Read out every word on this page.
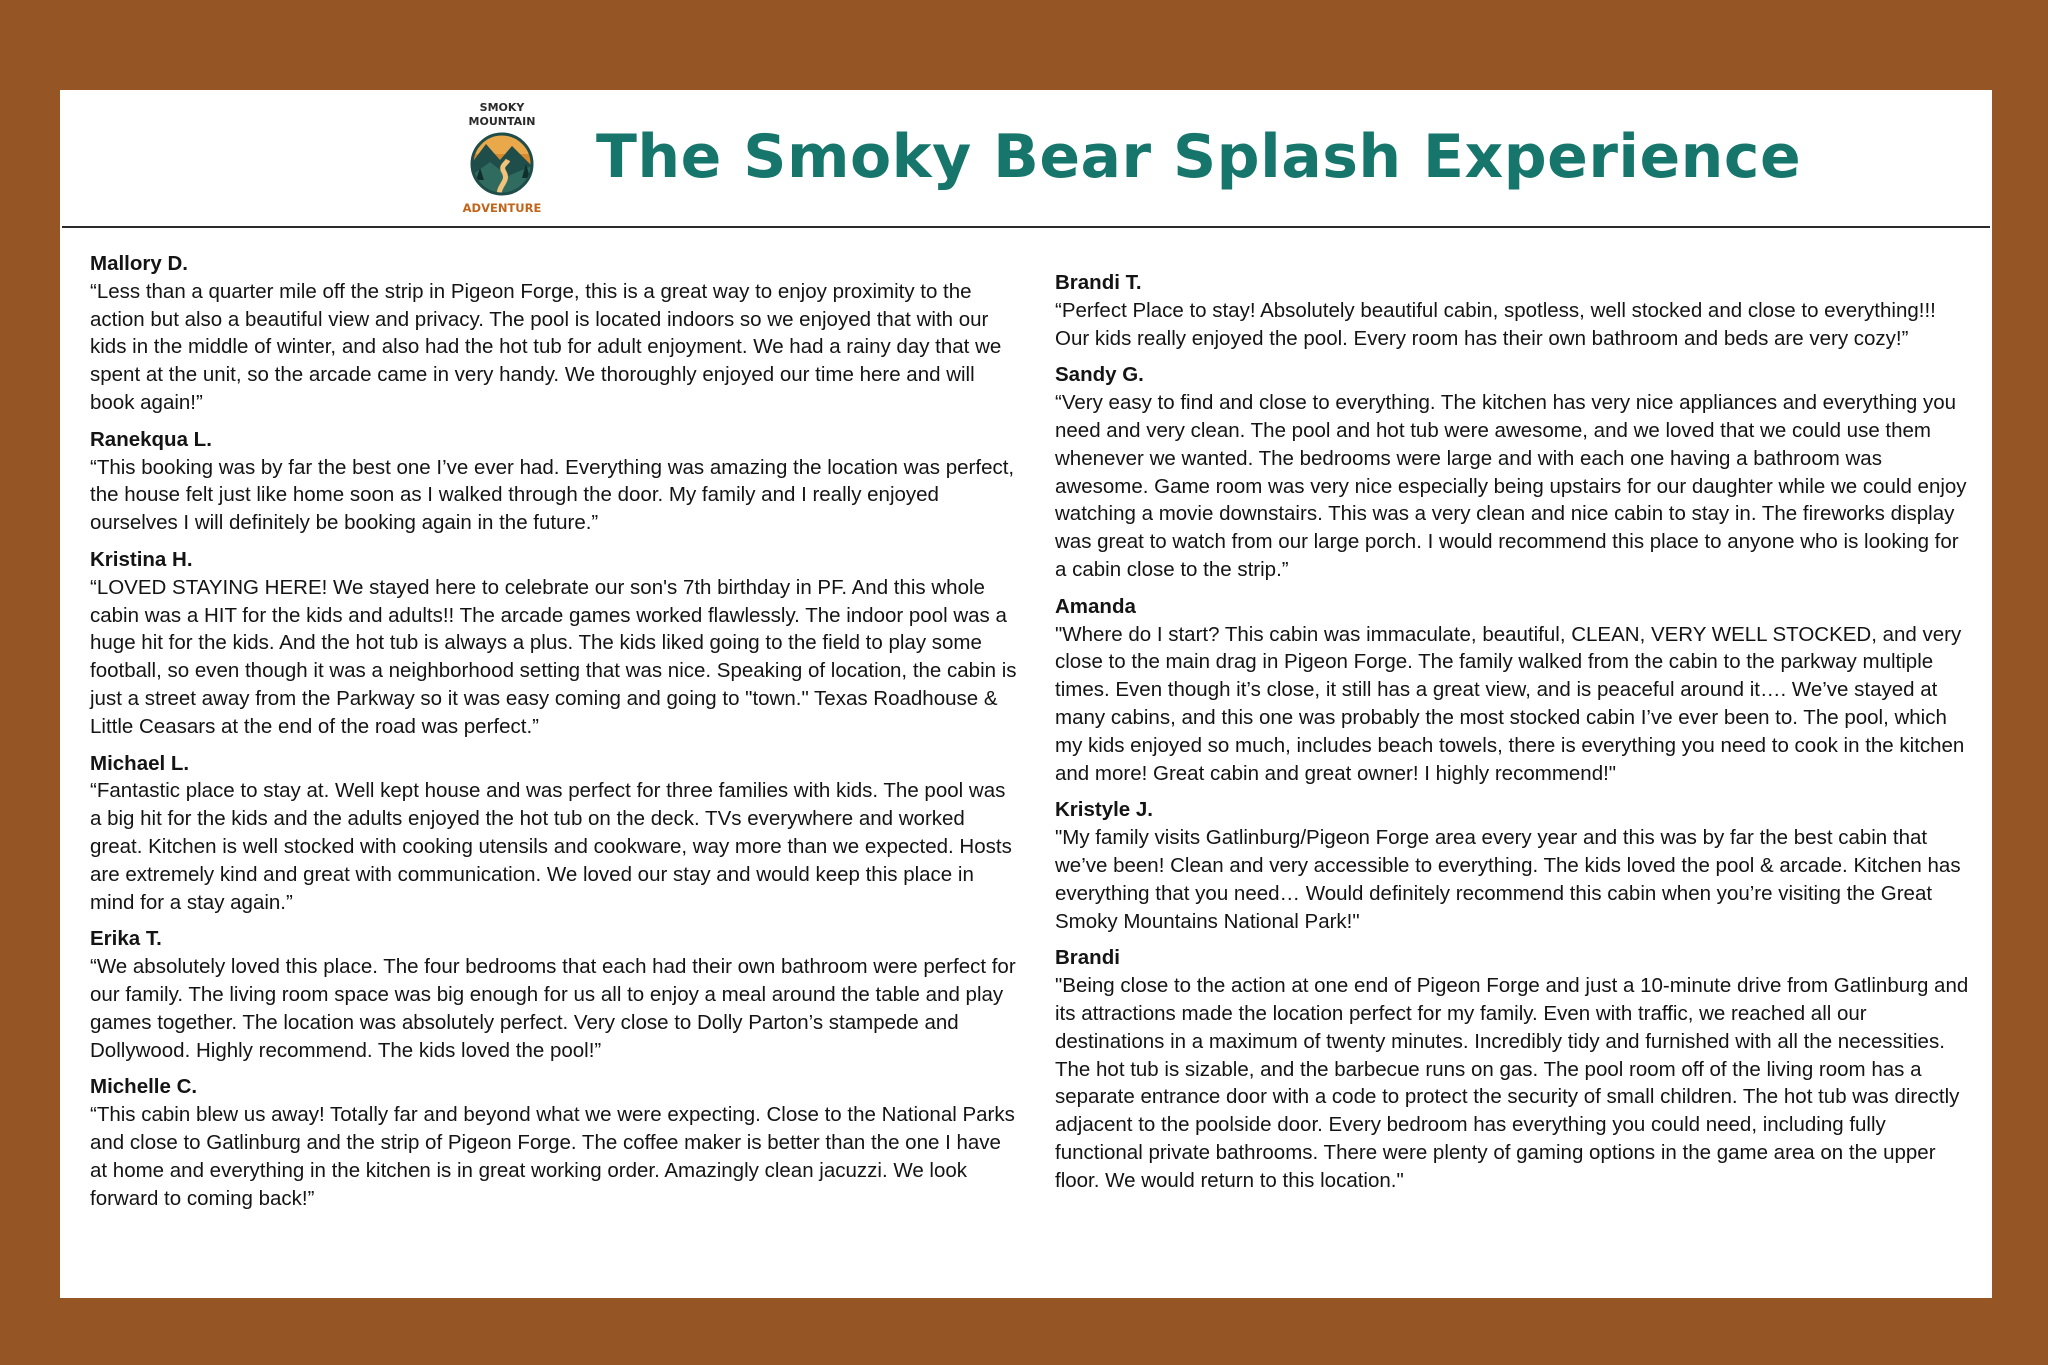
SMOKY
MOUNTAIN
ADVENTURE
The Smoky Bear Splash Experience
Mallory D.
“Less than a quarter mile off the strip in Pigeon Forge, this is a great way to enjoy proximity to the action but also a beautiful view and privacy. The pool is located indoors so we enjoyed that with our kids in the middle of winter, and also had the hot tub for adult enjoyment. We had a rainy day that we spent at the unit, so the arcade came in very handy. We thoroughly enjoyed our time here and will book again!”
Ranekqua L.
“This booking was by far the best one I’ve ever had. Everything was amazing the location was perfect, the house felt just like home soon as I walked through the door. My family and I really enjoyed ourselves I will definitely be booking again in the future.”
Kristina H.
“LOVED STAYING HERE! We stayed here to celebrate our son's 7th birthday in PF. And this whole cabin was a HIT for the kids and adults!! The arcade games worked flawlessly. The indoor pool was a huge hit for the kids. And the hot tub is always a plus. The kids liked going to the field to play some football, so even though it was a neighborhood setting that was nice. Speaking of location, the cabin is just a street away from the Parkway so it was easy coming and going to "town." Texas Roadhouse & Little Ceasars at the end of the road was perfect.”
Michael L.
“Fantastic place to stay at. Well kept house and was perfect for three families with kids. The pool was a big hit for the kids and the adults enjoyed the hot tub on the deck. TVs everywhere and worked great. Kitchen is well stocked with cooking utensils and cookware, way more than we expected. Hosts are extremely kind and great with communication. We loved our stay and would keep this place in mind for a stay again.”
Erika T.
“We absolutely loved this place. The four bedrooms that each had their own bathroom were perfect for our family. The living room space was big enough for us all to enjoy a meal around the table and play games together. The location was absolutely perfect. Very close to Dolly Parton’s stampede and Dollywood. Highly recommend. The kids loved the pool!”
Michelle C.
“This cabin blew us away! Totally far and beyond what we were expecting. Close to the National Parks and close to Gatlinburg and the strip of Pigeon Forge. The coffee maker is better than the one I have at home and everything in the kitchen is in great working order. Amazingly clean jacuzzi. We look forward to coming back!”
Brandi T.
“Perfect Place to stay! Absolutely beautiful cabin, spotless, well stocked and close to everything!!! Our kids really enjoyed the pool. Every room has their own bathroom and beds are very cozy!”
Sandy G.
“Very easy to find and close to everything. The kitchen has very nice appliances and everything you need and very clean. The pool and hot tub were awesome, and we loved that we could use them whenever we wanted. The bedrooms were large and with each one having a bathroom was awesome. Game room was very nice especially being upstairs for our daughter while we could enjoy watching a movie downstairs. This was a very clean and nice cabin to stay in. The fireworks display was great to watch from our large porch. I would recommend this place to anyone who is looking for a cabin close to the strip.”
Amanda
"Where do I start? This cabin was immaculate, beautiful, CLEAN, VERY WELL STOCKED, and very close to the main drag in Pigeon Forge. The family walked from the cabin to the parkway multiple times. Even though it’s close, it still has a great view, and is peaceful around it…. We’ve stayed at many cabins, and this one was probably the most stocked cabin I’ve ever been to. The pool, which my kids enjoyed so much, includes beach towels, there is everything you need to cook in the kitchen and more! Great cabin and great owner! I highly recommend!"
Kristyle J.
"My family visits Gatlinburg/Pigeon Forge area every year and this was by far the best cabin that we’ve been! Clean and very accessible to everything. The kids loved the pool & arcade. Kitchen has everything that you need… Would definitely recommend this cabin when you’re visiting the Great Smoky Mountains National Park!"
Brandi
"Being close to the action at one end of Pigeon Forge and just a 10-minute drive from Gatlinburg and its attractions made the location perfect for my family. Even with traffic, we reached all our destinations in a maximum of twenty minutes. Incredibly tidy and furnished with all the necessities. The hot tub is sizable, and the barbecue runs on gas. The pool room off of the living room has a separate entrance door with a code to protect the security of small children. The hot tub was directly adjacent to the poolside door. Every bedroom has everything you could need, including fully functional private bathrooms. There were plenty of gaming options in the game area on the upper floor. We would return to this location."
